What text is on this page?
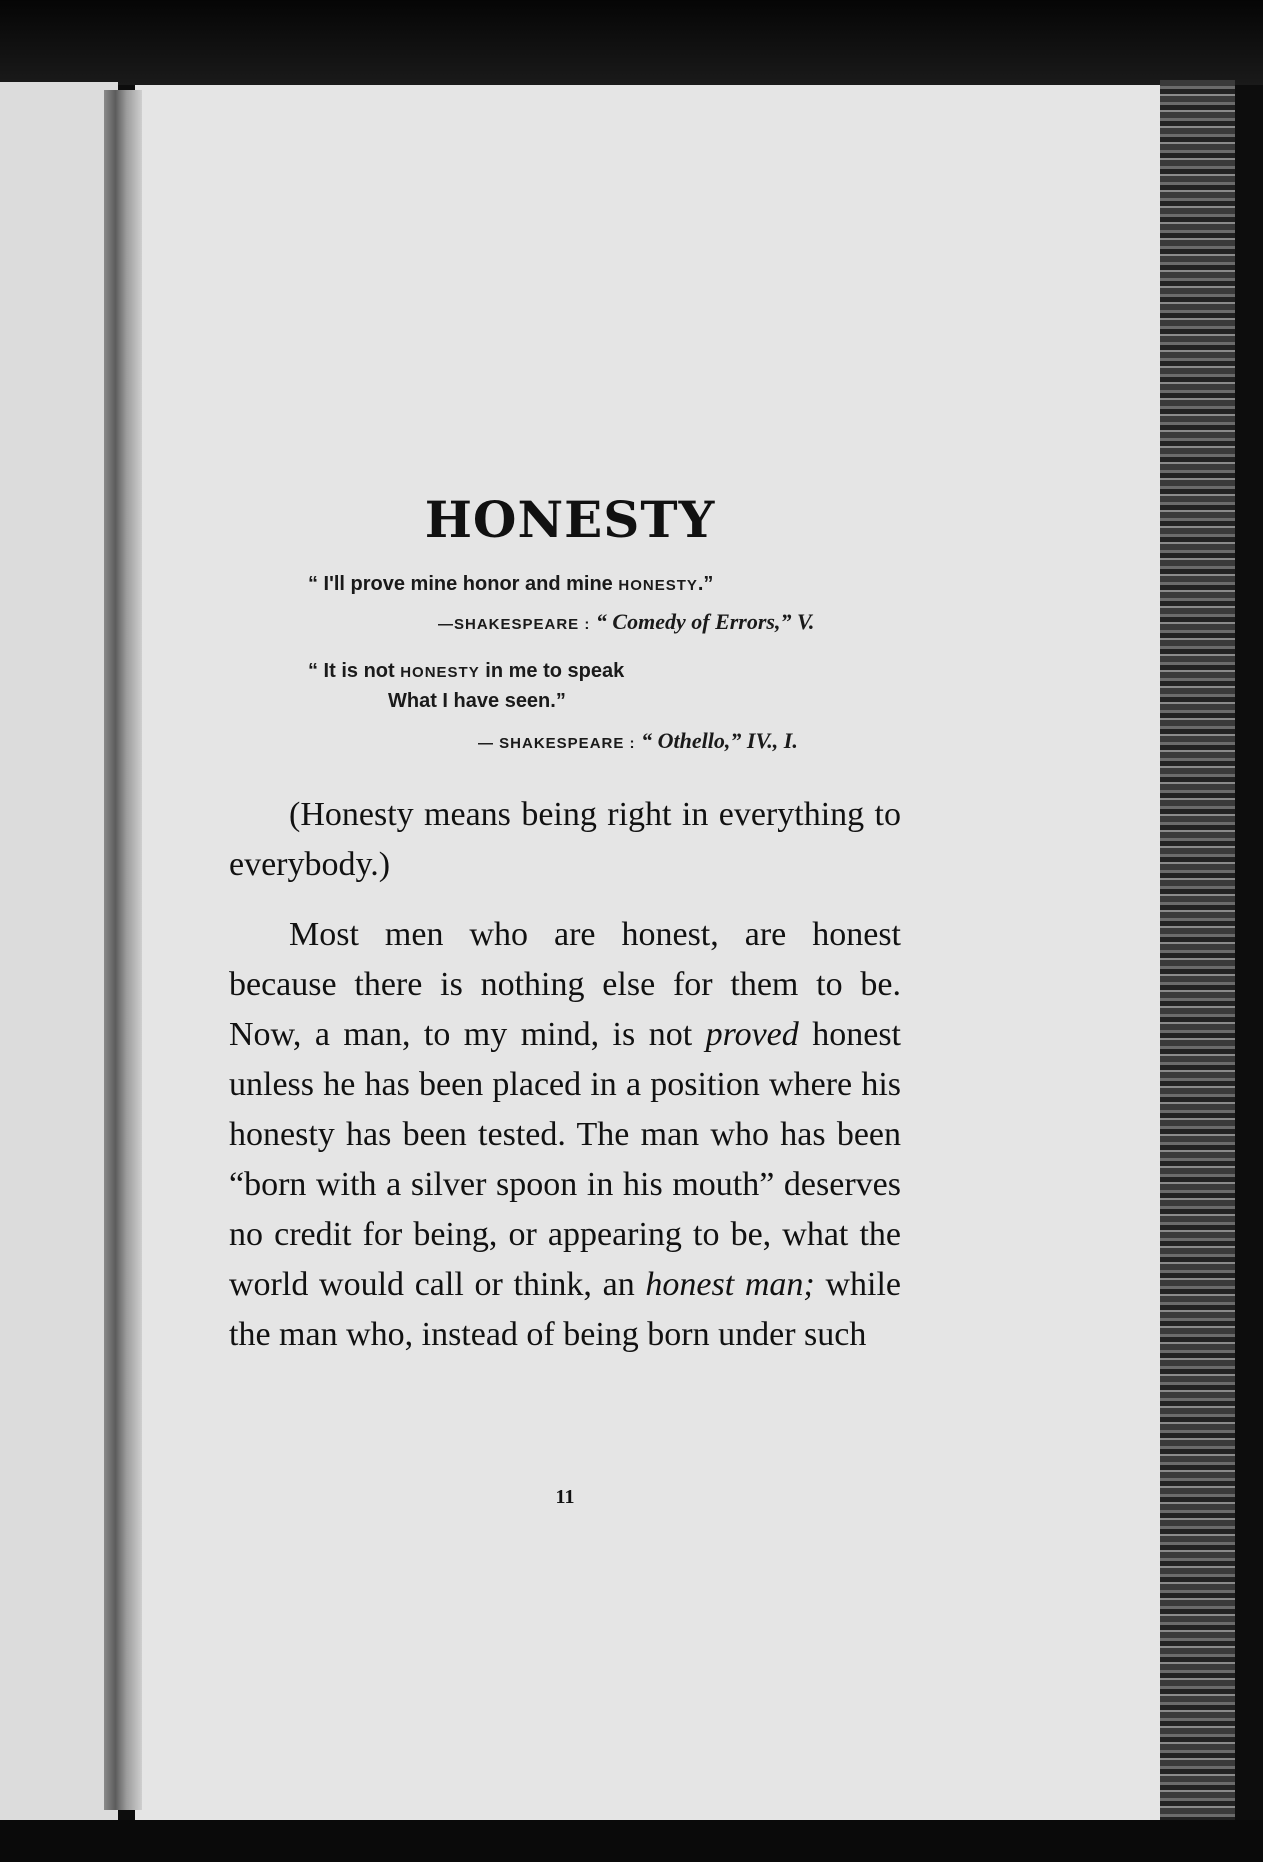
HONESTY
“ I'll prove mine honor and mine HONESTY.”
—SHAKESPEARE : “ Comedy of Errors,” V.
“ It is not HONESTY in me to speak
What I have seen.”
— SHAKESPEARE : “ Othello,” IV., I.
(Honesty means being right in everything to everybody.)
Most men who are honest, are honest because there is nothing else for them to be. Now, a man, to my mind, is not proved honest unless he has been placed in a position where his honesty has been tested. The man who has been “born with a silver spoon in his mouth” deserves no credit for being, or appearing to be, what the world would call or think, an honest man; while the man who, instead of being born under such
11
